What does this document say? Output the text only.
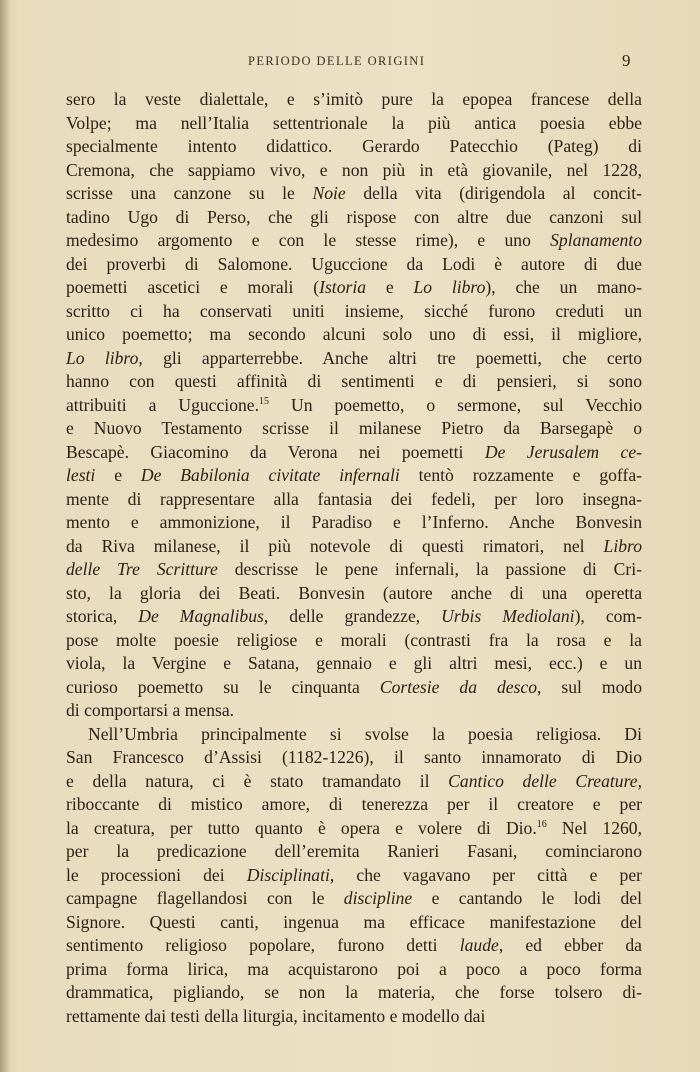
PERIODO DELLE ORIGINI	9
sero la veste dialettale, e s’imitò pure la epopea francese della
Volpe; ma nell’Italia settentrionale la più antica poesia ebbe
specialmente intento didattico. Gerardo Patecchio (Pateg) di
Cremona, che sappiamo vivo, e non più in età giovanile, nel 1228,
scrisse una canzone su le Noie della vita (dirigendola al concit-
tadino Ugo di Perso, che gli rispose con altre due canzoni sul
medesimo argomento e con le stesse rime), e uno Splanamento
dei proverbi di Salomone. Uguccione da Lodi è autore di due
poemetti ascetici e morali (Istoria e Lo libro), che un mano-
scritto ci ha conservati uniti insieme, sicché furono creduti un
unico poemetto; ma secondo alcuni solo uno di essi, il migliore,
Lo libro, gli apparterrebbe. Anche altri tre poemetti, che certo
hanno con questi affinità di sentimenti e di pensieri, si sono
attribuiti a Uguccione.$^{15}$ Un poemetto, o sermone, sul Vecchio
e Nuovo Testamento scrisse il milanese Pietro da Barsegapè o
Bescapè. Giacomino da Verona nei poemetti De Jerusalem ce-
lesti e De Babilonia civitate infernali tentò rozzamente e goffa-
mente di rappresentare alla fantasia dei fedeli, per loro insegna-
mento e ammonizione, il Paradiso e l’Inferno. Anche Bonvesin
da Riva milanese, il più notevole di questi rimatori, nel Libro
delle Tre Scritture descrisse le pene infernali, la passione di Cri-
sto, la gloria dei Beati. Bonvesin (autore anche di una operetta
storica, De Magnalibus, delle grandezze, Urbis Mediolani), com-
pose molte poesie religiose e morali (contrasti fra la rosa e la
viola, la Vergine e Satana, gennaio e gli altri mesi, ecc.) e un
curioso poemetto su le cinquanta Cortesie da desco, sul modo
di comportarsi a mensa.
Nell’Umbria principalmente si svolse la poesia religiosa. Di
San Francesco d’Assisi (1182-1226), il santo innamorato di Dio
e della natura, ci è stato tramandato il Cantico delle Creature,
riboccante di mistico amore, di tenerezza per il creatore e per
la creatura, per tutto quanto è opera e volere di Dio.$^{16}$ Nel 1260,
per la predicazione dell’eremita Ranieri Fasani, cominciarono
le processioni dei Disciplinati, che vagavano per città e per
campagne flagellandosi con le discipline e cantando le lodi del
Signore. Questi canti, ingenua ma efficace manifestazione del
sentimento religioso popolare, furono detti laude, ed ebber da
prima forma lirica, ma acquistarono poi a poco a poco forma
drammatica, pigliando, se non la materia, che forse tolsero di-
rettamente dai testi della liturgia, incitamento e modello dai
